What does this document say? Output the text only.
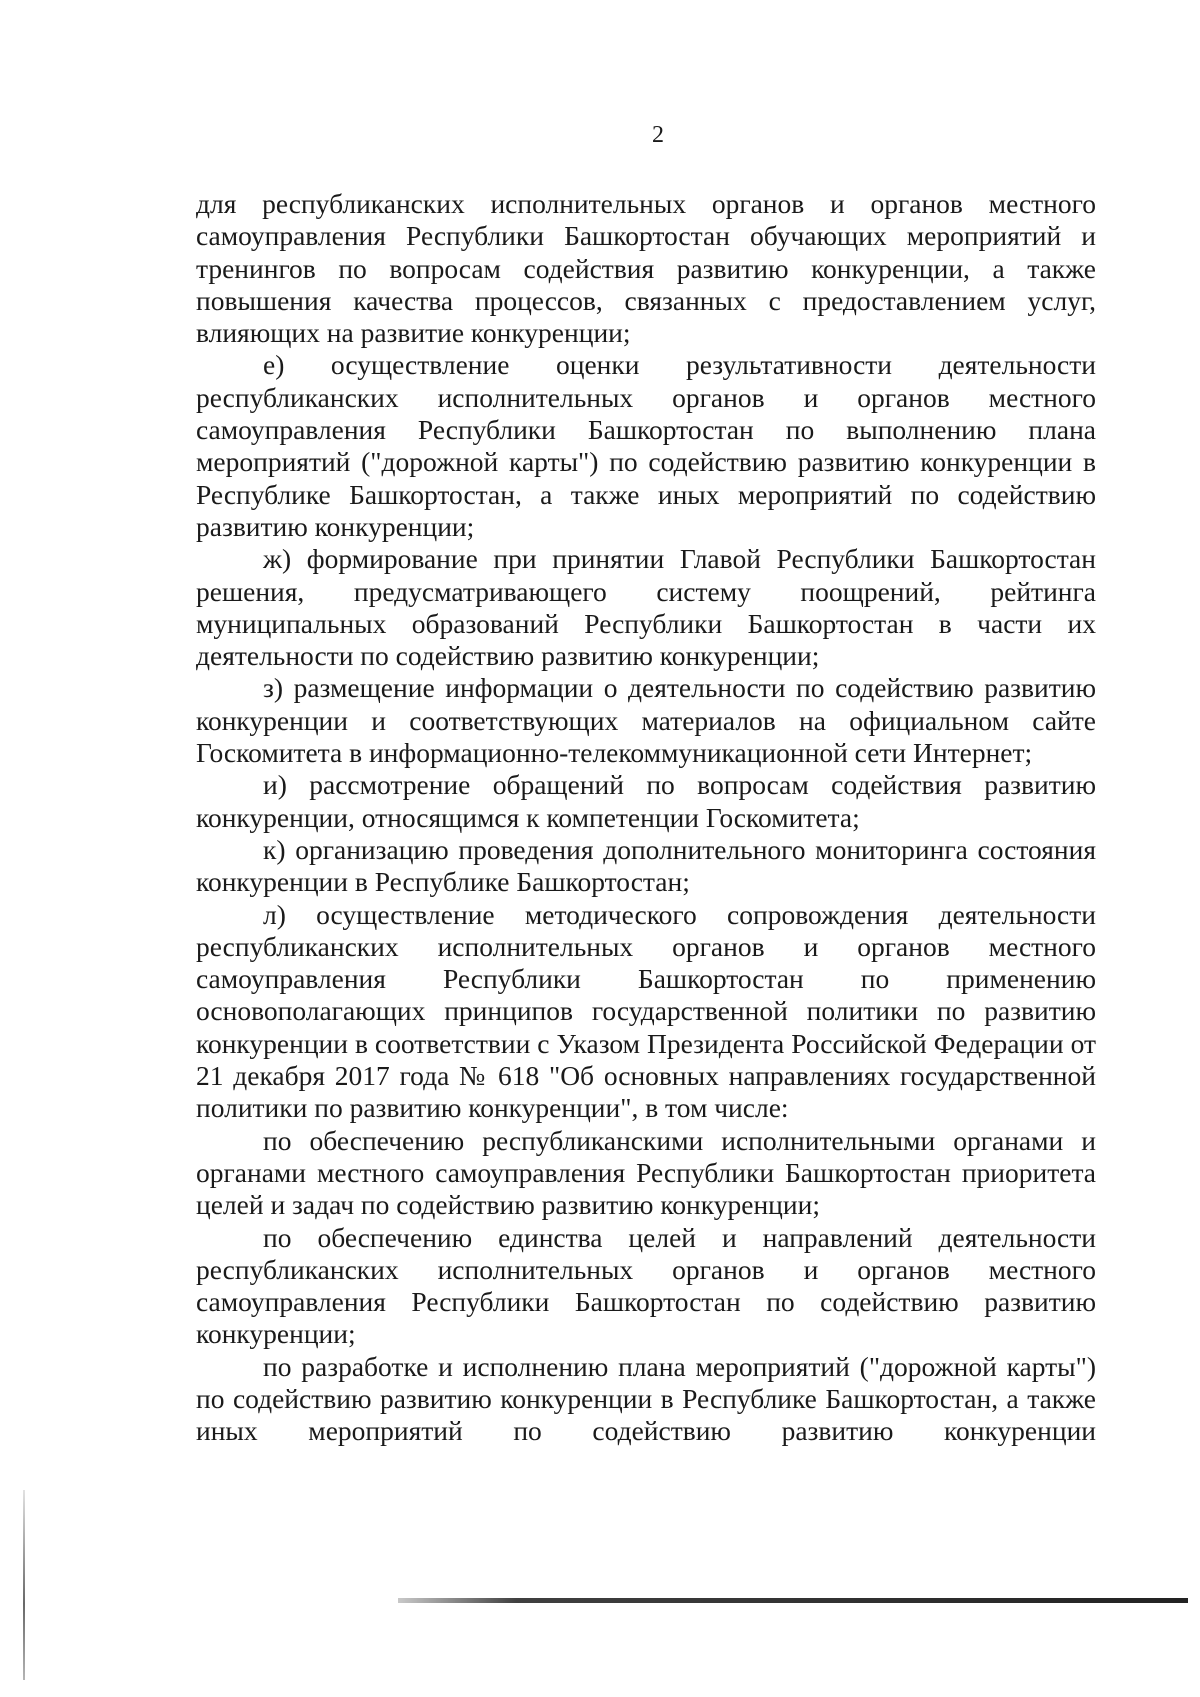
2

для республиканских исполнительных органов и органов местного самоуправления Республики Башкортостан обучающих мероприятий и тренингов по вопросам содействия развитию конкуренции, а также повышения качества процессов, связанных с предоставлением услуг, влияющих на развитие конкуренции;

е) осуществление оценки результативности деятельности республиканских исполнительных органов и органов местного самоуправления Республики Башкортостан по выполнению плана мероприятий ("дорожной карты") по содействию развитию конкуренции в Республике Башкортостан, а также иных мероприятий по содействию развитию конкуренции;

ж) формирование при принятии Главой Республики Башкортостан решения, предусматривающего систему поощрений, рейтинга муниципальных образований Республики Башкортостан в части их деятельности по содействию развитию конкуренции;

з) размещение информации о деятельности по содействию развитию конкуренции и соответствующих материалов на официальном сайте Госкомитета в информационно-телекоммуникационной сети Интернет;

и) рассмотрение обращений по вопросам содействия развитию конкуренции, относящимся к компетенции Госкомитета;

к) организацию проведения дополнительного мониторинга состояния конкуренции в Республике Башкортостан;

л) осуществление методического сопровождения деятельности республиканских исполнительных органов и органов местного самоуправления Республики Башкортостан по применению основополагающих принципов государственной политики по развитию конкуренции в соответствии с Указом Президента Российской Федерации от 21 декабря 2017 года № 618 "Об основных направлениях государственной политики по развитию конкуренции", в том числе:

по обеспечению республиканскими исполнительными органами и органами местного самоуправления Республики Башкортостан приоритета целей и задач по содействию развитию конкуренции;

по обеспечению единства целей и направлений деятельности республиканских исполнительных органов и органов местного самоуправления Республики Башкортостан по содействию развитию конкуренции;

по разработке и исполнению плана мероприятий ("дорожной карты") по содействию развитию конкуренции в Республике Башкортостан, а также иных мероприятий по содействию развитию конкуренции
